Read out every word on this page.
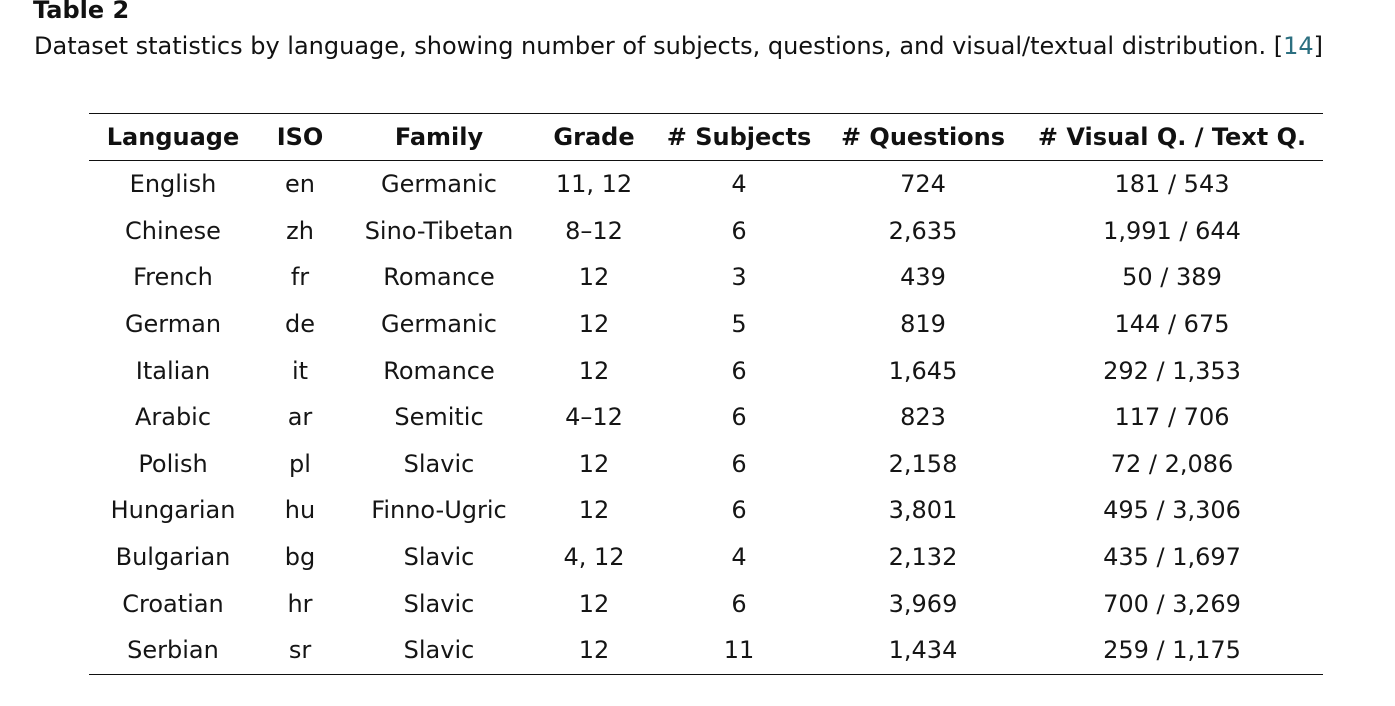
Table 2
Dataset statistics by language, showing number of subjects, questions, and visual/textual distribution. [14]
Language	ISO	Family	Grade	# Subjects	# Questions	# Visual Q. / Text Q.
English	en	Germanic	11, 12	4	724	181 / 543
Chinese	zh	Sino-Tibetan	8–12	6	2,635	1,991 / 644
French	fr	Romance	12	3	439	50 / 389
German	de	Germanic	12	5	819	144 / 675
Italian	it	Romance	12	6	1,645	292 / 1,353
Arabic	ar	Semitic	4–12	6	823	117 / 706
Polish	pl	Slavic	12	6	2,158	72 / 2,086
Hungarian	hu	Finno-Ugric	12	6	3,801	495 / 3,306
Bulgarian	bg	Slavic	4, 12	4	2,132	435 / 1,697
Croatian	hr	Slavic	12	6	3,969	700 / 3,269
Serbian	sr	Slavic	12	11	1,434	259 / 1,175
